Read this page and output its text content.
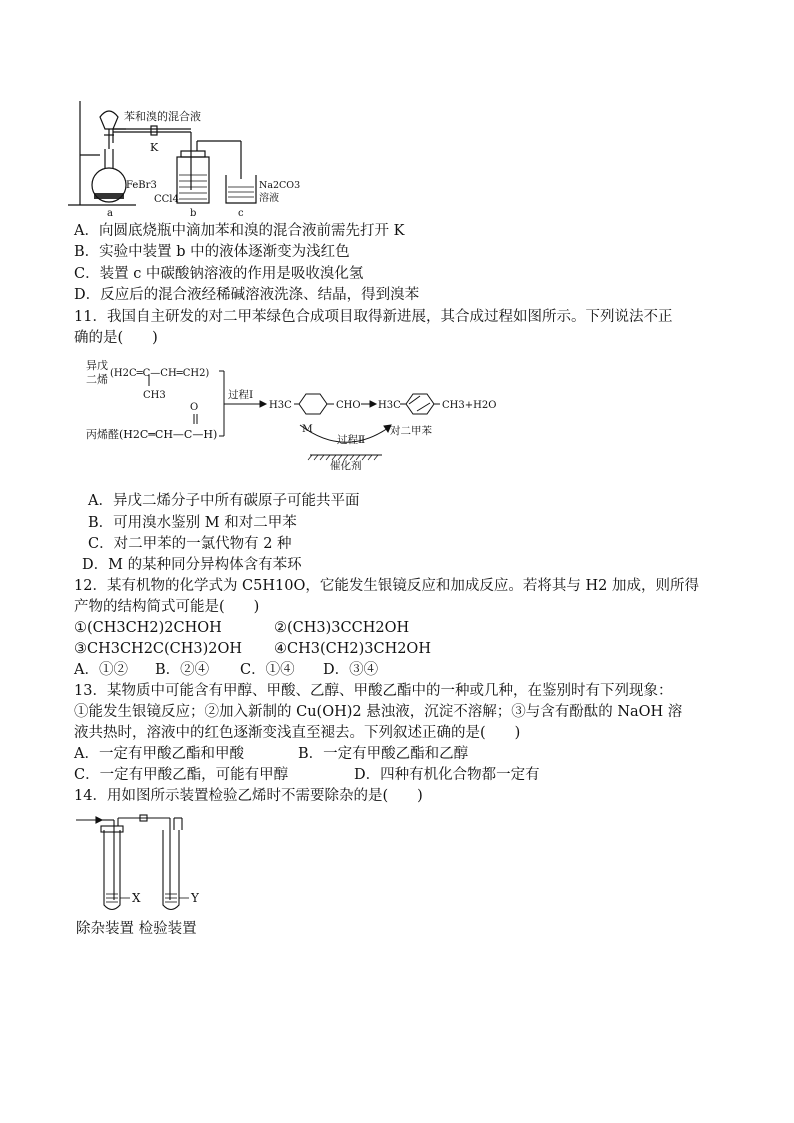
苯和溴的混合液
K
FeBr3
CCl4
Na2CO3
溶液
a	b	c
A．向圆底烧瓶中滴加苯和溴的混合液前需先打开 K
B．实验中装置 b 中的液体逐渐变为浅红色
C．装置 c 中碳酸钠溶液的作用是吸收溴化氢
D．反应后的混合液经稀碱溶液洗涤、结晶，得到溴苯
11．我国自主研发的对二甲苯绿色合成项目取得新进展，其合成过程如图所示。下列说法不正
确的是(　　)
异戊
二烯 (H2C═C—CH═CH2)
CH3
O
丙烯醛(H2C═CH—C—H)
过程Ⅰ
H3C	CHO H3C	CH3+H2O
M
过程Ⅱ
对二甲苯
催化剂
A．异戊二烯分子中所有碳原子可能共平面
B．可用溴水鉴别 M 和对二甲苯
C．对二甲苯的一氯代物有 2 种
D．M 的某种同分异构体含有苯环
12．某有机物的化学式为 C5H10O，它能发生银镜反应和加成反应。若将其与 H2 加成，则所得
产物的结构简式可能是(　　)
①(CH3CH2)2CHOH	②(CH3)3CCH2OH
③CH3CH2C(CH3)2OH ④CH3(CH2)3CH2OH
A．①② B．②④ C．①④ D．③④
13．某物质中可能含有甲醇、甲酸、乙醇、甲酸乙酯中的一种或几种，在鉴别时有下列现象：
①能发生银镜反应；②加入新制的 Cu(OH)2 悬浊液，沉淀不溶解；③与含有酚酞的 NaOH 溶
液共热时，溶液中的红色逐渐变浅直至褪去。下列叙述正确的是(　　)
A．一定有甲酸乙酯和甲酸	B．一定有甲酸乙酯和乙醇
C．一定有甲酸乙酯，可能有甲醇	D．四种有机化合物都一定有
14．用如图所示装置检验乙烯时不需要除杂的是(　　)
X	Y
除杂装置 检验装置
